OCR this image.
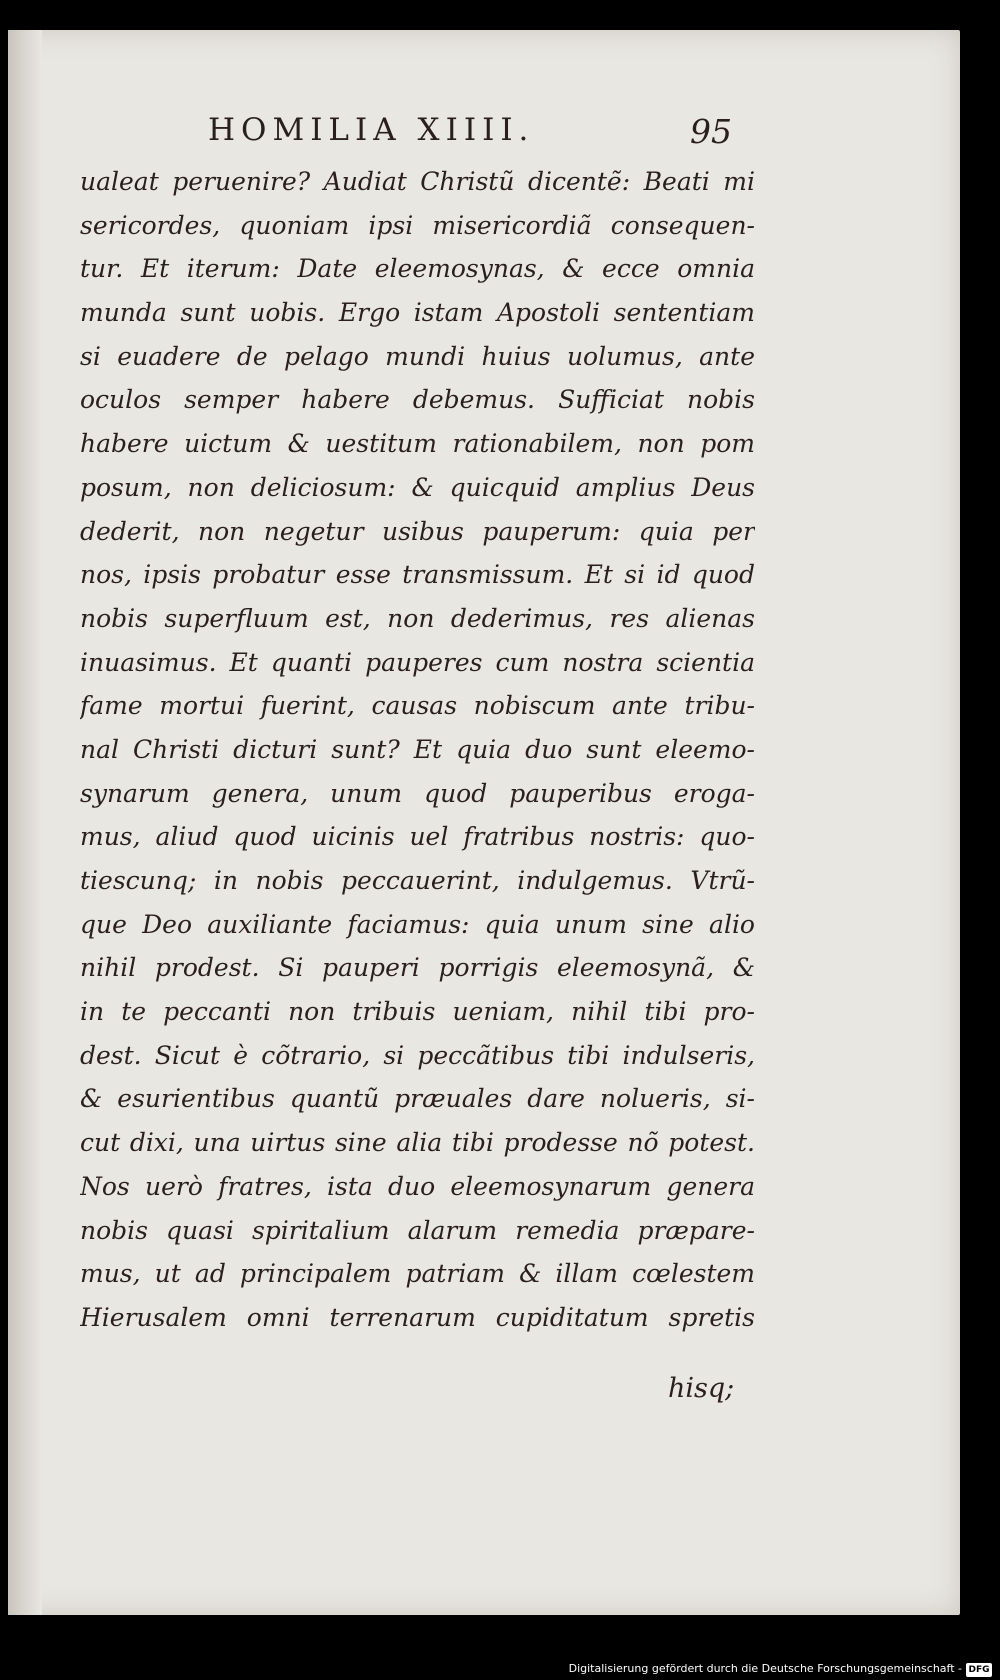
HOMILIA XIIII.	95
ualeat peruenire? Audiat Christũ dicentẽ: Beati mi
sericordes, quoniam ipsi misericordiã consequen-
tur. Et iterum: Date eleemosynas, & ecce omnia
munda sunt uobis. Ergo istam Apostoli sententiam
si euadere de pelago mundi huius uolumus, ante
oculos semper habere debemus. Sufficiat nobis
habere uictum & uestitum rationabilem, non pom
posum, non deliciosum: & quicquid amplius Deus
dederit, non negetur usibus pauperum: quia per
nos, ipsis probatur esse transmissum. Et si id quod
nobis superfluum est, non dederimus, res alienas
inuasimus. Et quanti pauperes cum nostra scientia
fame mortui fuerint, causas nobiscum ante tribu-
nal Christi dicturi sunt? Et quia duo sunt eleemo-
synarum genera, unum quod pauperibus eroga-
mus, aliud quod uicinis uel fratribus nostris: quo-
tiescunq; in nobis peccauerint, indulgemus. Vtrũ-
que Deo auxiliante faciamus: quia unum sine alio
nihil prodest. Si pauperi porrigis eleemosynã, &
in te peccanti non tribuis ueniam, nihil tibi pro-
dest. Sicut è cõtrario, si peccãtibus tibi indulseris,
& esurientibus quantũ præuales dare nolueris, si-
cut dixi, una uirtus sine alia tibi prodesse nõ potest.
Nos uerò fratres, ista duo eleemosynarum genera
nobis quasi spiritalium alarum remedia præpare-
mus, ut ad principalem patriam & illam cœlestem
Hierusalem omni terrenarum cupiditatum spretis
hisq;
Digitalisierung gefördert durch die Deutsche Forschungsgemeinschaft - DFG
